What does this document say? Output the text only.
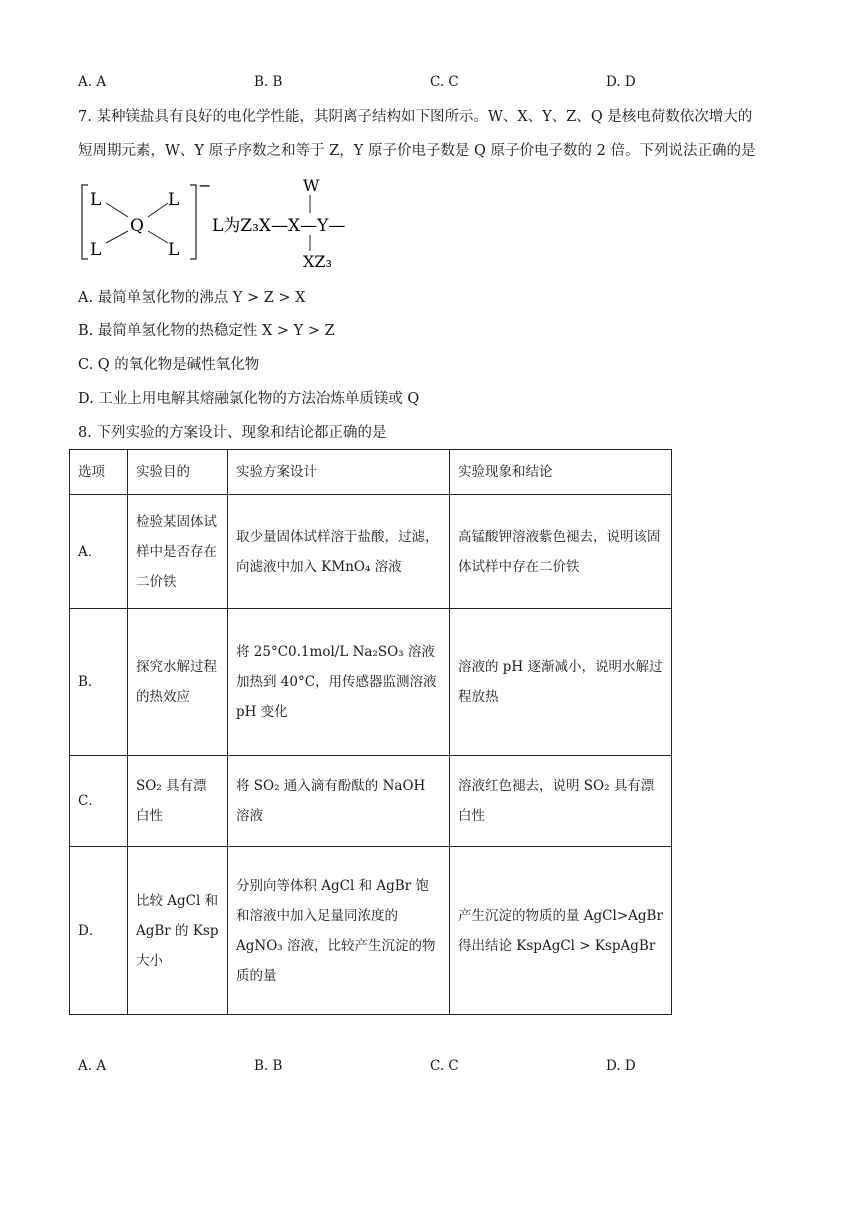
A. A	B. B	C. C	D. D
7. 某种镁盐具有良好的电化学性能，其阴离子结构如下图所示。W、X、Y、Z、Q 是核电荷数依次增大的
短周期元素，W、Y 原子序数之和等于 Z，Y 原子价电子数是 Q 原子价电子数的 2 倍。下列说法正确的是
L	L
Q
L	L
−
L为Z₃X—X—Y—
W
XZ₃
A. 最简单氢化物的沸点 Y > Z > X
B. 最简单氢化物的热稳定性 X > Y > Z
C. Q 的氧化物是碱性氧化物
D. 工业上用电解其熔融氯化物的方法冶炼单质镁或 Q
8. 下列实验的方案设计、现象和结论都正确的是
选项	实验目的	实验方案设计	实验现象和结论
A．	检验某固体试样中是否存在二价铁	取少量固体试样溶于盐酸，过滤，向滤液中加入 KMnO₄ 溶液	高锰酸钾溶液紫色褪去，说明该固体试样中存在二价铁
B．	探究水解过程的热效应	将 25°C0.1mol/L Na₂SO₃ 溶液加热到 40°C，用传感器监测溶液 pH 变化	溶液的 pH 逐渐减小，说明水解过程放热
C．	SO₂ 具有漂白性	将 SO₂ 通入滴有酚酞的 NaOH 溶液	溶液红色褪去，说明 SO₂ 具有漂白性
D．	比较 AgCl 和 AgBr 的 Ksp 大小	分别向等体积 AgCl 和 AgBr 饱和溶液中加入足量同浓度的 AgNO₃ 溶液，比较产生沉淀的物质的量	产生沉淀的物质的量 AgCl>AgBr 得出结论 KspAgCl > KspAgBr
A. A	B. B	C. C	D. D
